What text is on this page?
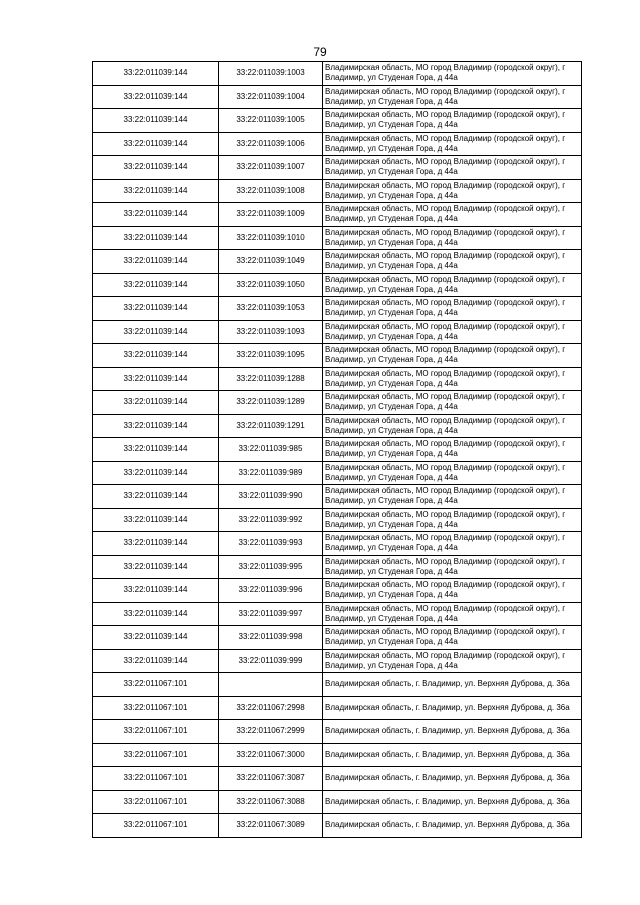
79
33:22:011039:144	33:22:011039:1003	Владимирская область, МО город Владимир (городской округ), г Владимир, ул Студеная Гора, д 44а
33:22:011039:144	33:22:011039:1004	Владимирская область, МО город Владимир (городской округ), г Владимир, ул Студеная Гора, д 44а
33:22:011039:144	33:22:011039:1005	Владимирская область, МО город Владимир (городской округ), г Владимир, ул Студеная Гора, д 44а
33:22:011039:144	33:22:011039:1006	Владимирская область, МО город Владимир (городской округ), г Владимир, ул Студеная Гора, д 44а
33:22:011039:144	33:22:011039:1007	Владимирская область, МО город Владимир (городской округ), г Владимир, ул Студеная Гора, д 44а
33:22:011039:144	33:22:011039:1008	Владимирская область, МО город Владимир (городской округ), г Владимир, ул Студеная Гора, д 44а
33:22:011039:144	33:22:011039:1009	Владимирская область, МО город Владимир (городской округ), г Владимир, ул Студеная Гора, д 44а
33:22:011039:144	33:22:011039:1010	Владимирская область, МО город Владимир (городской округ), г Владимир, ул Студеная Гора, д 44а
33:22:011039:144	33:22:011039:1049	Владимирская область, МО город Владимир (городской округ), г Владимир, ул Студеная Гора, д 44а
33:22:011039:144	33:22:011039:1050	Владимирская область, МО город Владимир (городской округ), г Владимир, ул Студеная Гора, д 44а
33:22:011039:144	33:22:011039:1053	Владимирская область, МО город Владимир (городской округ), г Владимир, ул Студеная Гора, д 44а
33:22:011039:144	33:22:011039:1093	Владимирская область, МО город Владимир (городской округ), г Владимир, ул Студеная Гора, д 44а
33:22:011039:144	33:22:011039:1095	Владимирская область, МО город Владимир (городской округ), г Владимир, ул Студеная Гора, д 44а
33:22:011039:144	33:22:011039:1288	Владимирская область, МО город Владимир (городской округ), г Владимир, ул Студеная Гора, д 44а
33:22:011039:144	33:22:011039:1289	Владимирская область, МО город Владимир (городской округ), г Владимир, ул Студеная Гора, д 44а
33:22:011039:144	33:22:011039:1291	Владимирская область, МО город Владимир (городской округ), г Владимир, ул Студеная Гора, д 44а
33:22:011039:144	33:22:011039:985	Владимирская область, МО город Владимир (городской округ), г Владимир, ул Студеная Гора, д 44а
33:22:011039:144	33:22:011039:989	Владимирская область, МО город Владимир (городской округ), г Владимир, ул Студеная Гора, д 44а
33:22:011039:144	33:22:011039:990	Владимирская область, МО город Владимир (городской округ), г Владимир, ул Студеная Гора, д 44а
33:22:011039:144	33:22:011039:992	Владимирская область, МО город Владимир (городской округ), г Владимир, ул Студеная Гора, д 44а
33:22:011039:144	33:22:011039:993	Владимирская область, МО город Владимир (городской округ), г Владимир, ул Студеная Гора, д 44а
33:22:011039:144	33:22:011039:995	Владимирская область, МО город Владимир (городской округ), г Владимир, ул Студеная Гора, д 44а
33:22:011039:144	33:22:011039:996	Владимирская область, МО город Владимир (городской округ), г Владимир, ул Студеная Гора, д 44а
33:22:011039:144	33:22:011039:997	Владимирская область, МО город Владимир (городской округ), г Владимир, ул Студеная Гора, д 44а
33:22:011039:144	33:22:011039:998	Владимирская область, МО город Владимир (городской округ), г Владимир, ул Студеная Гора, д 44а
33:22:011039:144	33:22:011039:999	Владимирская область, МО город Владимир (городской округ), г Владимир, ул Студеная Гора, д 44а
33:22:011067:101		Владимирская область, г. Владимир, ул. Верхняя Дуброва, д. 36а
33:22:011067:101	33:22:011067:2998	Владимирская область, г. Владимир, ул. Верхняя Дуброва, д. 36а
33:22:011067:101	33:22:011067:2999	Владимирская область, г. Владимир, ул. Верхняя Дуброва, д. 36а
33:22:011067:101	33:22:011067:3000	Владимирская область, г. Владимир, ул. Верхняя Дуброва, д. 36а
33:22:011067:101	33:22:011067:3087	Владимирская область, г. Владимир, ул. Верхняя Дуброва, д. 36а
33:22:011067:101	33:22:011067:3088	Владимирская область, г. Владимир, ул. Верхняя Дуброва, д. 36а
33:22:011067:101	33:22:011067:3089	Владимирская область, г. Владимир, ул. Верхняя Дуброва, д. 36а
